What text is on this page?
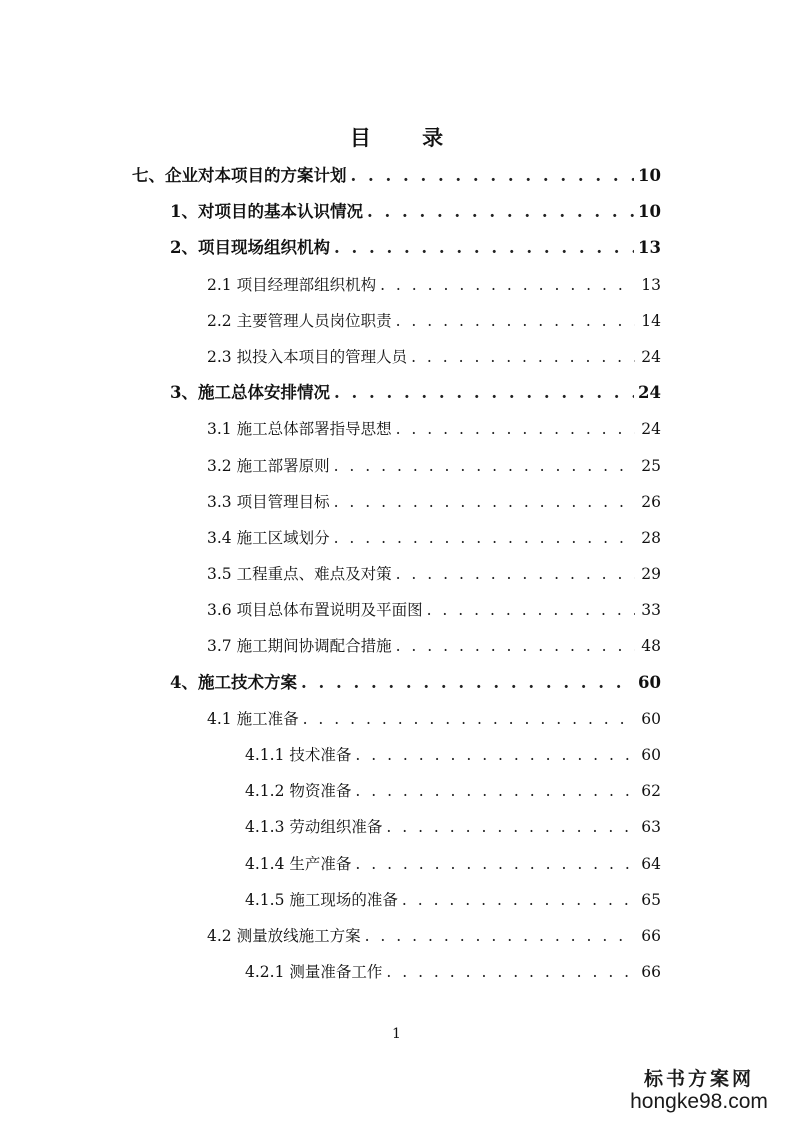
目 录
七、企业对本项目的方案计划 . . .	10
1、对项目的基本认识情况 . . .	10
2、项目现场组织机构 . . .	13
2.1 项目经理部组织机构 . . .	13
2.2 主要管理人员岗位职责 . . .	14
2.3 拟投入本项目的管理人员 . . .	24
3、施工总体安排情况 . . .	24
3.1 施工总体部署指导思想 . . .	24
3.2 施工部署原则 . . .	25
3.3 项目管理目标 . . .	26
3.4 施工区域划分 . . .	28
3.5 工程重点、难点及对策 . . .	29
3.6 项目总体布置说明及平面图 . . .	33
3.7 施工期间协调配合措施 . . .	48
4、施工技术方案 . . .	60
4.1 施工准备 . . .	60
4.1.1 技术准备 . . .	60
4.1.2 物资准备 . . .	62
4.1.3 劳动组织准备 . . .	63
4.1.4 生产准备 . . .	64
4.1.5 施工现场的准备 . . .	65
4.2 测量放线施工方案 . . .	66
4.2.1 测量准备工作 . . .	66
1
标书方案网
hongke98.com
